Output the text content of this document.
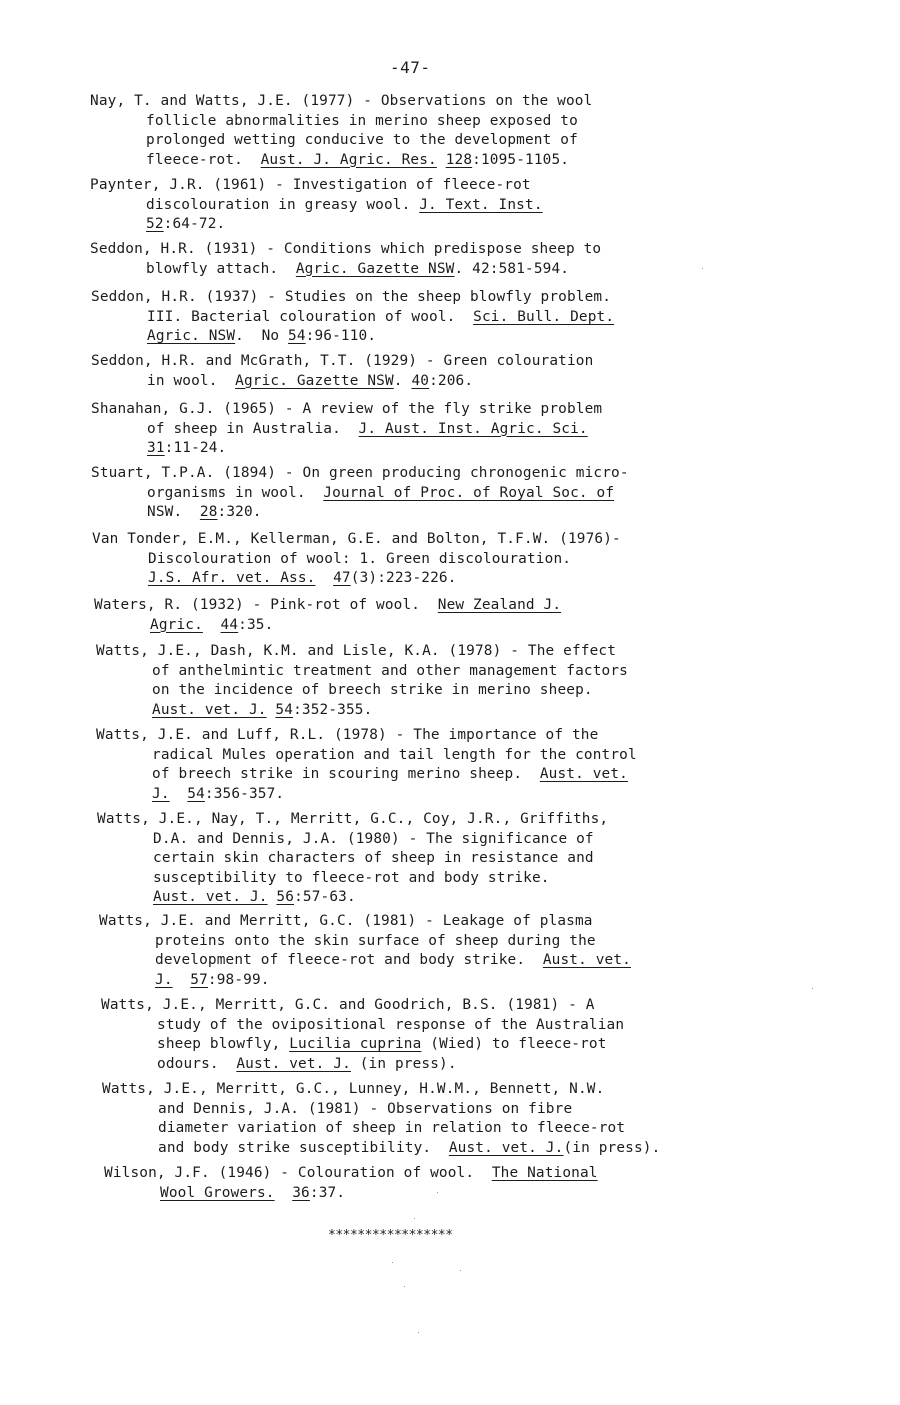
-47-
Nay, T. and Watts, J.E. (1977) - Observations on the wool
follicle abnormalities in merino sheep exposed to
prolonged wetting conducive to the development of
fleece-rot.  Aust. J. Agric. Res. 128:1095-1105.
Paynter, J.R. (1961) - Investigation of fleece-rot
discolouration in greasy wool. J. Text. Inst.
52:64-72.
Seddon, H.R. (1931) - Conditions which predispose sheep to
blowfly attach.  Agric. Gazette NSW. 42:581-594.
Seddon, H.R. (1937) - Studies on the sheep blowfly problem.
III. Bacterial colouration of wool.  Sci. Bull. Dept.
Agric. NSW.  No 54:96-110.
Seddon, H.R. and McGrath, T.T. (1929) - Green colouration
in wool.  Agric. Gazette NSW. 40:206.
Shanahan, G.J. (1965) - A review of the fly strike problem
of sheep in Australia.  J. Aust. Inst. Agric. Sci.
31:11-24.
Stuart, T.P.A. (1894) - On green producing chronogenic micro-
organisms in wool.  Journal of Proc. of Royal Soc. of
NSW.  28:320.
Van Tonder, E.M., Kellerman, G.E. and Bolton, T.F.W. (1976)-
Discolouration of wool: 1. Green discolouration.
J.S. Afr. vet. Ass. 47(3):223-226.
Waters, R. (1932) - Pink-rot of wool.  New Zealand J.
Agric. 44:35.
Watts, J.E., Dash, K.M. and Lisle, K.A. (1978) - The effect
of anthelmintic treatment and other management factors
on the incidence of breech strike in merino sheep.
Aust. vet. J. 54:352-355.
Watts, J.E. and Luff, R.L. (1978) - The importance of the
radical Mules operation and tail length for the control
of breech strike in scouring merino sheep.  Aust. vet.
J. 54:356-357.
Watts, J.E., Nay, T., Merritt, G.C., Coy, J.R., Griffiths,
D.A. and Dennis, J.A. (1980) - The significance of
certain skin characters of sheep in resistance and
susceptibility to fleece-rot and body strike.
Aust. vet. J. 56:57-63.
Watts, J.E. and Merritt, G.C. (1981) - Leakage of plasma
proteins onto the skin surface of sheep during the
development of fleece-rot and body strike.  Aust. vet.
J. 57:98-99.
Watts, J.E., Merritt, G.C. and Goodrich, B.S. (1981) - A
study of the ovipositional response of the Australian
sheep blowfly, Lucilia cuprina (Wied) to fleece-rot
odours.  Aust. vet. J. (in press).
Watts, J.E., Merritt, G.C., Lunney, H.W.M., Bennett, N.W.
and Dennis, J.A. (1981) - Observations on fibre
diameter variation of sheep in relation to fleece-rot
and body strike susceptibility.  Aust. vet. J.(in press).
Wilson, J.F. (1946) - Colouration of wool.  The National
Wool Growers. 36:37.
*****************
